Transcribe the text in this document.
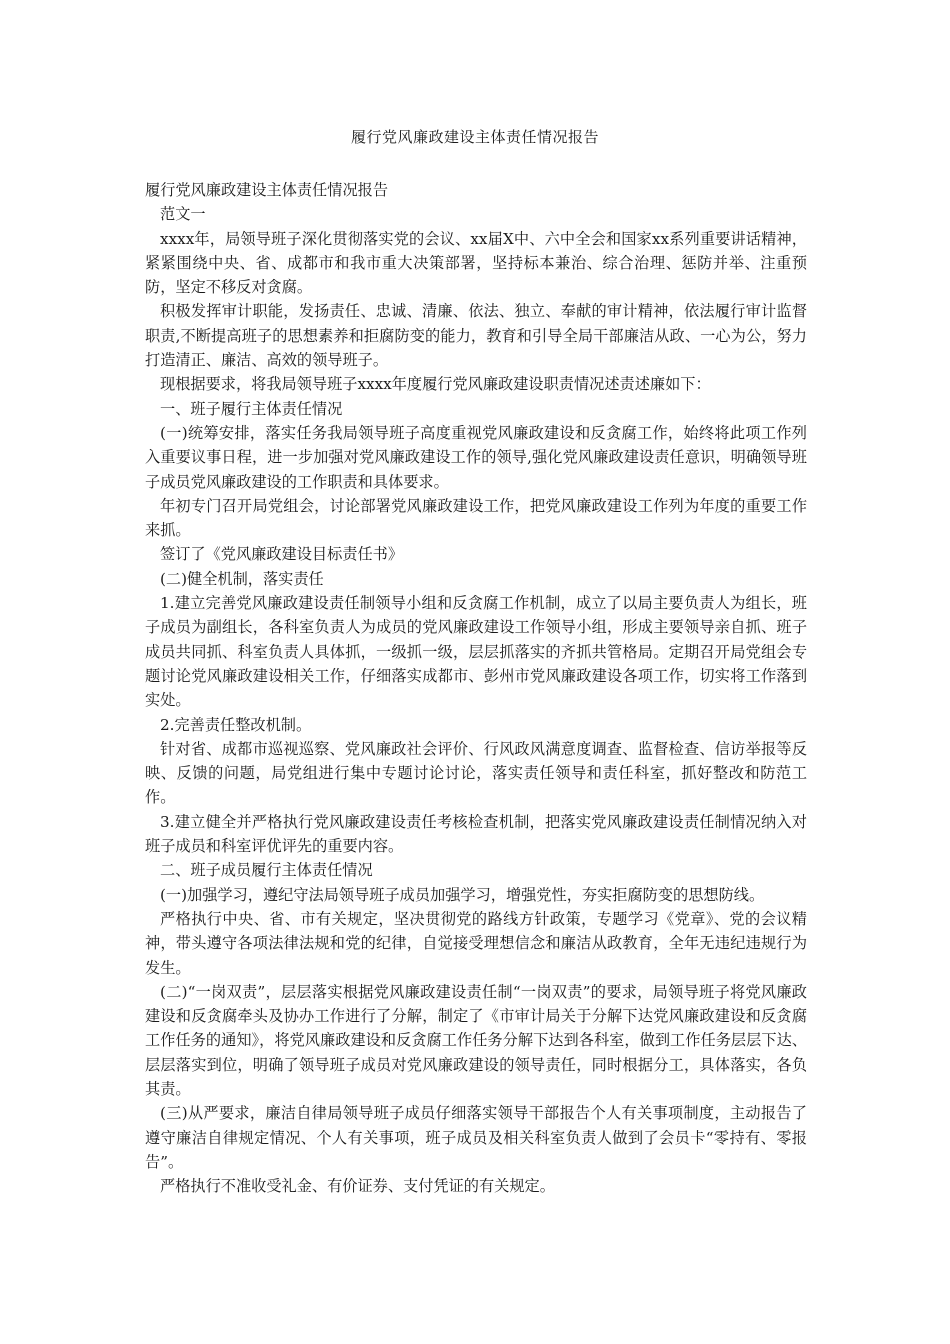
履行党风廉政建设主体责任情况报告

履行党风廉政建设主体责任情况报告

范文一

xxxx年，局领导班子深化贯彻落实党的会议、xx届X中、六中全会和国家xx系列重要讲话精神，紧紧围绕中央、省、成都市和我市重大决策部署，坚持标本兼治、综合治理、惩防并举、注重预防，坚定不移反对贪腐。

积极发挥审计职能，发扬责任、忠诚、清廉、依法、独立、奉献的审计精神，依法履行审计监督职责,不断提高班子的思想素养和拒腐防变的能力，教育和引导全局干部廉洁从政、一心为公，努力打造清正、廉洁、高效的领导班子。

现根据要求，将我局领导班子xxxx年度履行党风廉政建设职责情况述责述廉如下：

一、班子履行主体责任情况

(一)统筹安排，落实任务我局领导班子高度重视党风廉政建设和反贪腐工作，始终将此项工作列入重要议事日程，进一步加强对党风廉政建设工作的领导,强化党风廉政建设责任意识，明确领导班子成员党风廉政建设的工作职责和具体要求。

年初专门召开局党组会，讨论部署党风廉政建设工作，把党风廉政建设工作列为年度的重要工作来抓。

签订了《党风廉政建设目标责任书》

(二)健全机制，落实责任

1.建立完善党风廉政建设责任制领导小组和反贪腐工作机制，成立了以局主要负责人为组长，班子成员为副组长，各科室负责人为成员的党风廉政建设工作领导小组，形成主要领导亲自抓、班子成员共同抓、科室负责人具体抓，一级抓一级，层层抓落实的齐抓共管格局。定期召开局党组会专题讨论党风廉政建设相关工作，仔细落实成都市、彭州市党风廉政建设各项工作，切实将工作落到实处。

2.完善责任整改机制。

针对省、成都市巡视巡察、党风廉政社会评价、行风政风满意度调查、监督检查、信访举报等反映、反馈的问题，局党组进行集中专题讨论讨论，落实责任领导和责任科室，抓好整改和防范工作。

3.建立健全并严格执行党风廉政建设责任考核检查机制，把落实党风廉政建设责任制情况纳入对班子成员和科室评优评先的重要内容。

二、班子成员履行主体责任情况

(一)加强学习，遵纪守法局领导班子成员加强学习，增强党性，夯实拒腐防变的思想防线。

严格执行中央、省、市有关规定，坚决贯彻党的路线方针政策，专题学习《党章》、党的会议精神，带头遵守各项法律法规和党的纪律，自觉接受理想信念和廉洁从政教育，全年无违纪违规行为发生。

(二)“一岗双责”，层层落实根据党风廉政建设责任制“一岗双责”的要求，局领导班子将党风廉政建设和反贪腐牵头及协办工作进行了分解，制定了《市审计局关于分解下达党风廉政建设和反贪腐工作任务的通知》，将党风廉政建设和反贪腐工作任务分解下达到各科室，做到工作任务层层下达、层层落实到位，明确了领导班子成员对党风廉政建设的领导责任，同时根据分工，具体落实，各负其责。

(三)从严要求，廉洁自律局领导班子成员仔细落实领导干部报告个人有关事项制度，主动报告了遵守廉洁自律规定情况、个人有关事项，班子成员及相关科室负责人做到了会员卡“零持有、零报告”。

严格执行不准收受礼金、有价证券、支付凭证的有关规定。
